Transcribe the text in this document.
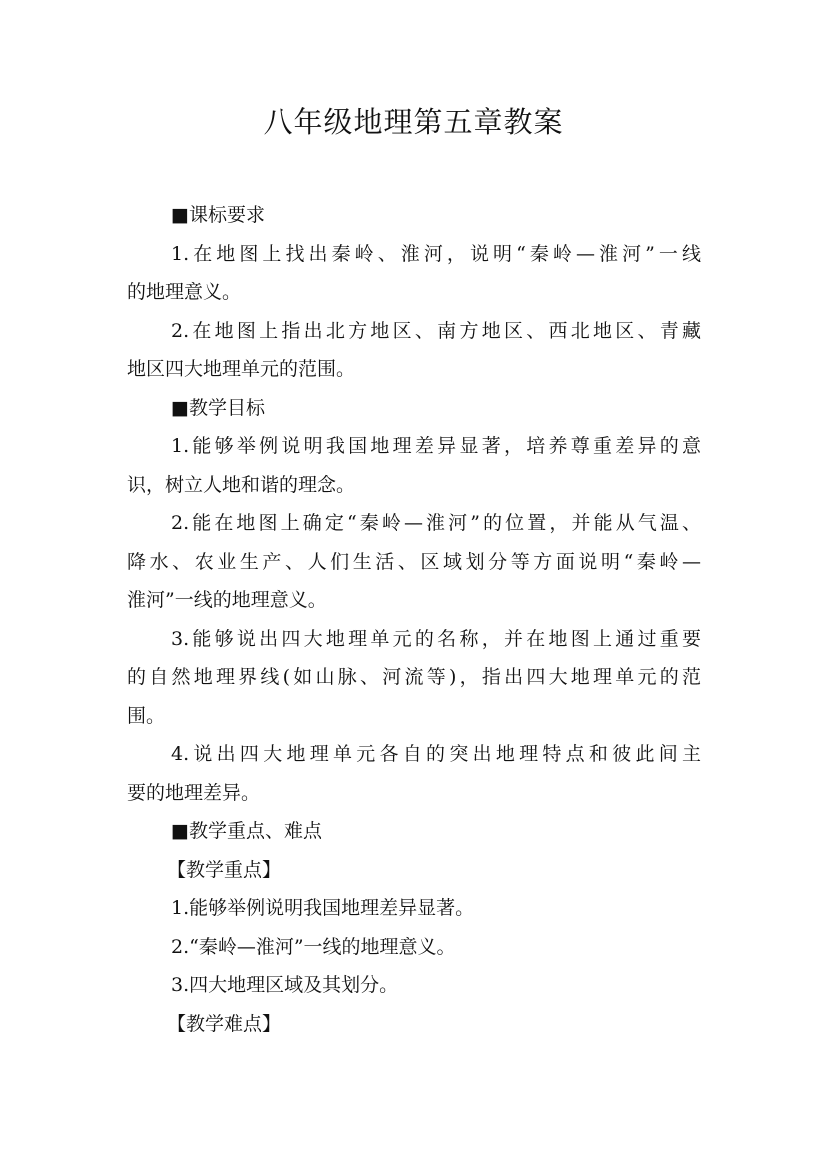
八年级地理第五章教案
■课标要求
1.在地图上找出秦岭、淮河，说明“秦岭—淮河”一线
的地理意义。
2.在地图上指出北方地区、南方地区、西北地区、青藏
地区四大地理单元的范围。
■教学目标
1.能够举例说明我国地理差异显著，培养尊重差异的意
识，树立人地和谐的理念。
2.能在地图上确定“秦岭—淮河”的位置，并能从气温、
降水、农业生产、人们生活、区域划分等方面说明“秦岭—
淮河”一线的地理意义。
3.能够说出四大地理单元的名称，并在地图上通过重要
的自然地理界线(如山脉、河流等)，指出四大地理单元的范
围。
4.说出四大地理单元各自的突出地理特点和彼此间主
要的地理差异。
■教学重点、难点
【教学重点】
1.能够举例说明我国地理差异显著。
2.“秦岭—淮河”一线的地理意义。
3.四大地理区域及其划分。
【教学难点】
